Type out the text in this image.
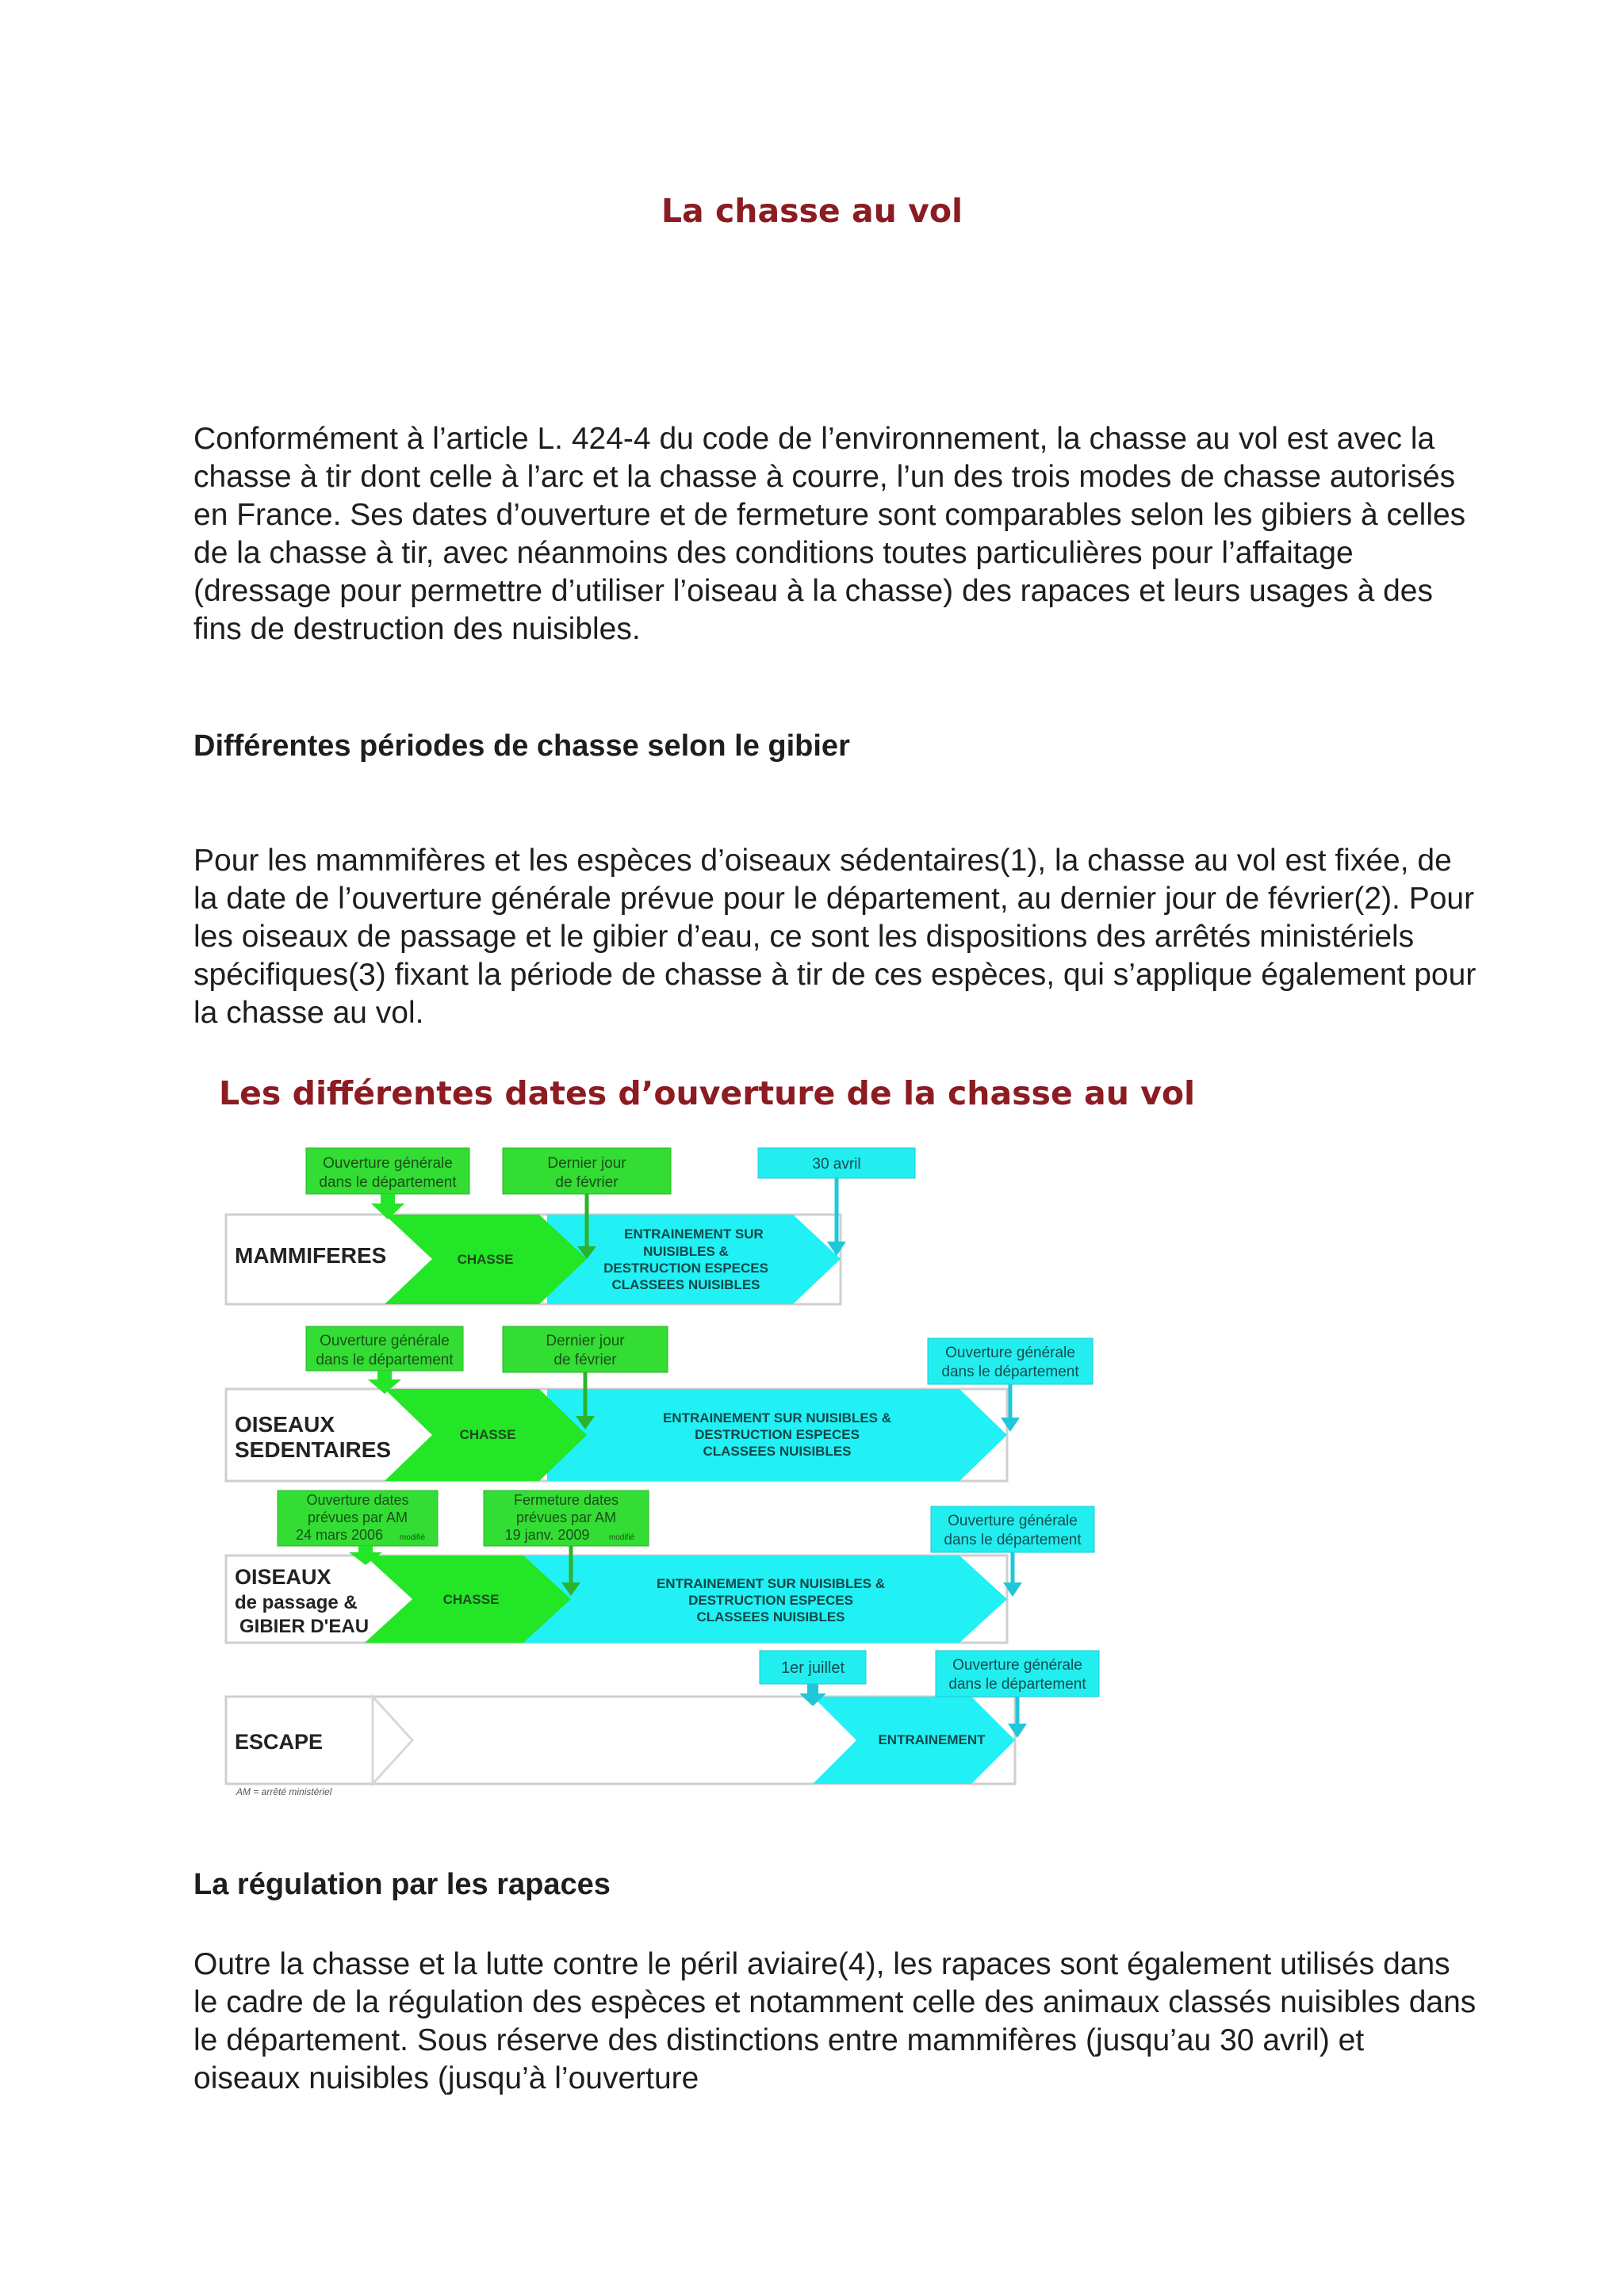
La chasse au vol

Conformément à l’article L. 424-4 du code de l’environnement, la chasse au vol est avec la chasse à tir dont celle à l’arc et la chasse à courre, l’un des trois modes de chasse autorisés en France. Ses dates d’ouverture et de fermeture sont comparables selon les gibiers à celles de la chasse à tir, avec néanmoins des conditions toutes particulières pour l’affaitage (dressage pour permettre d’utiliser l’oiseau à la chasse) des rapaces et leurs usages à des fins de destruction des nuisibles.

Différentes périodes de chasse selon le gibier

Pour les mammifères et les espèces d’oiseaux sédentaires(1), la chasse au vol est fixée, de la date de l’ouverture générale prévue pour le département, au dernier jour de février(2). Pour les oiseaux de passage et le gibier d’eau, ce sont les dispositions des arrêtés ministériels spécifiques(3) fixant la période de chasse à tir de ces espèces, qui s’applique également pour la chasse au vol.

Les différentes dates d’ouverture de la chasse au vol
MAMMIFERES	CHASSE
ENTRAINEMENT SUR
NUISIBLES &
DESTRUCTION ESPECES
CLASSEES NUISIBLES
Ouverture générale
dans le département
Dernier jour
de février
30 avril
OISEAUX
SEDENTAIRES
CHASSE
ENTRAINEMENT SUR NUISIBLES &
DESTRUCTION ESPECES
CLASSEES NUISIBLES
Ouverture générale
dans le département
Dernier jour
de février	Ouverture générale
dans le département
OISEAUX
de passage &
GIBIER D'EAU
CHASSE
ENTRAINEMENT SUR NUISIBLES &
DESTRUCTION ESPECES
CLASSEES NUISIBLES
Ouverture dates
prévues par AM
24 mars 2006 modifié
Fermeture dates
prévues par AM
19 janv. 2009 modifié
Ouverture générale
dans le département
ESCAPE	ENTRAINEMENT
1er juillet	Ouverture générale
dans le département
AM = arrêté ministériel
La régulation par les rapaces

Outre la chasse et la lutte contre le péril aviaire(4), les rapaces sont également utilisés dans le cadre de la régulation des espèces et notamment celle des animaux classés nuisibles dans le département. Sous réserve des distinctions entre mammifères (jusqu’au 30 avril) et oiseaux nuisibles (jusqu’à l’ouverture
